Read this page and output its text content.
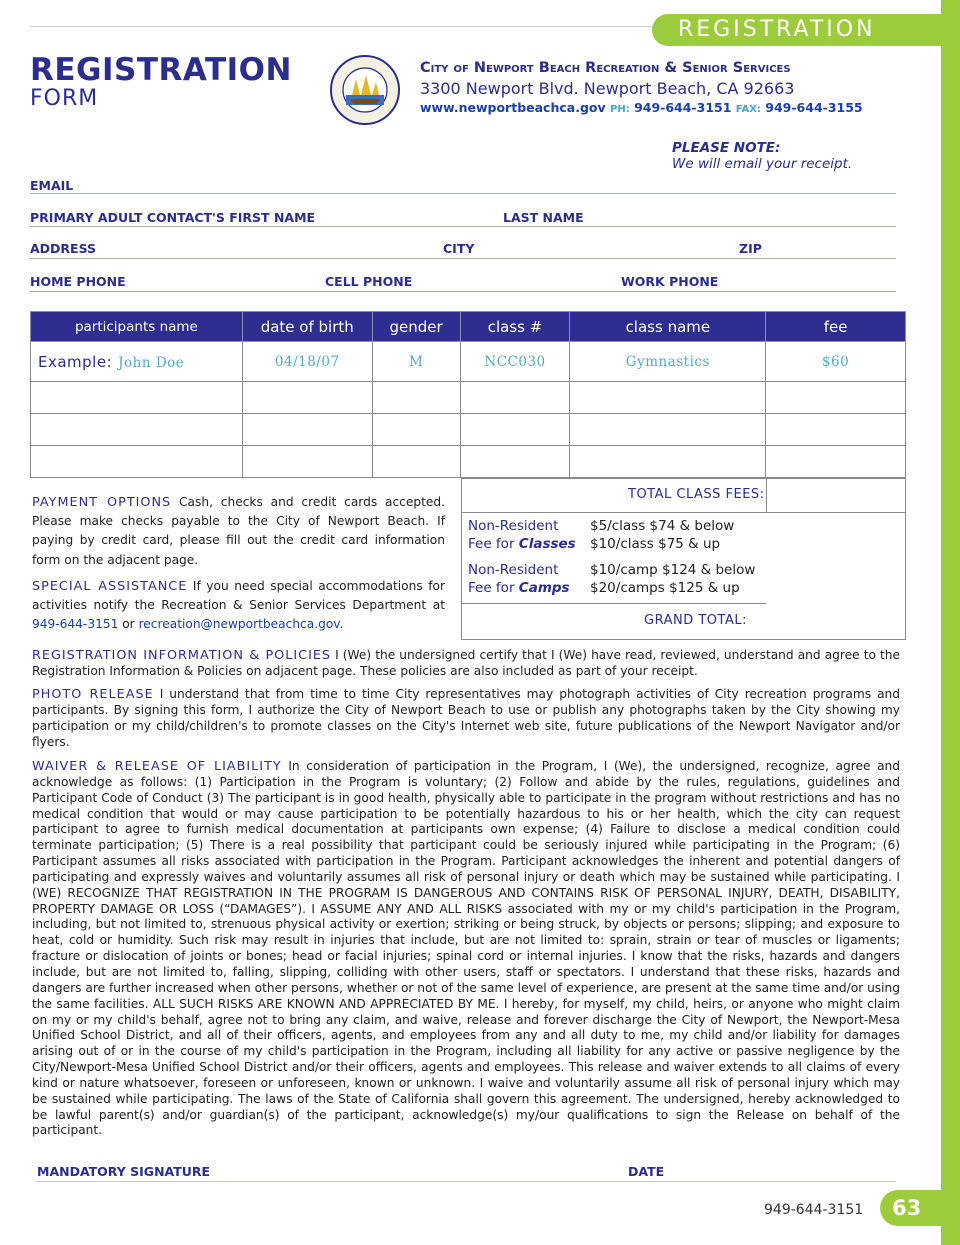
REGISTRATION
REGISTRATION
FORM
City of Newport Beach Recreation & Senior Services
3300 Newport Blvd. Newport Beach, CA 92663
www.newportbeachca.gov PH: 949-644-3151 FAX: 949-644-3155
PLEASE NOTE:
We will email your receipt.
EMAIL
PRIMARY ADULT CONTACT'S FIRST NAME	LAST NAME
ADDRESS	CITY	ZIP
HOME PHONE	CELL PHONE	WORK PHONE
participants name	date of birth	gender	class #	class name	fee
Example: John Doe	04/18/07	M	NCC030	Gymnastics	$60

PAYMENT OPTIONS Cash, checks and credit cards accepted. Please make checks payable to the City of Newport Beach. If paying by credit card, please fill out the credit card information form on the adjacent page.
SPECIAL ASSISTANCE If you need special accommodations for activities notify the Recreation & Senior Services Department at 949-644-3151 or recreation@newportbeachca.gov.
TOTAL CLASS FEES:
Non-Resident
Fee for Classes
$5/class $74 & below
$10/class $75 & up
Non-Resident
Fee for Camps
$10/camp $124 & below
$20/camps $125 & up
GRAND TOTAL:
REGISTRATION INFORMATION & POLICIES I (We) the undersigned certify that I (We) have read, reviewed, understand and agree to the Registration Information & Policies on adjacent page. These policies are also included as part of your receipt.
PHOTO RELEASE I understand that from time to time City representatives may photograph activities of City recreation programs and participants. By signing this form, I authorize the City of Newport Beach to use or publish any photographs taken by the City showing my participation or my child/children's to promote classes on the City's Internet web site, future publications of the Newport Navigator and/or flyers.
WAIVER & RELEASE OF LIABILITY In consideration of participation in the Program, I (We), the undersigned, recognize, agree and acknowledge as follows: (1) Participation in the Program is voluntary; (2) Follow and abide by the rules, regulations, guidelines and Participant Code of Conduct (3) The participant is in good health, physically able to participate in the program without restrictions and has no medical condition that would or may cause participation to be potentially hazardous to his or her health, which the city can request participant to agree to furnish medical documentation at participants own expense; (4) Failure to disclose a medical condition could terminate participation; (5) There is a real possibility that participant could be seriously injured while participating in the Program; (6) Participant assumes all risks associated with participation in the Program. Participant acknowledges the inherent and potential dangers of participating and expressly waives and voluntarily assumes all risk of personal injury or death which may be sustained while participating. I (WE) RECOGNIZE THAT REGISTRATION IN THE PROGRAM IS DANGEROUS AND CONTAINS RISK OF PERSONAL INJURY, DEATH, DISABILITY, PROPERTY DAMAGE OR LOSS (“DAMAGES”). I ASSUME ANY AND ALL RISKS associated with my or my child's participation in the Program, including, but not limited to, strenuous physical activity or exertion; striking or being struck, by objects or persons; slipping; and exposure to heat, cold or humidity. Such risk may result in injuries that include, but are not limited to: sprain, strain or tear of muscles or ligaments; fracture or dislocation of joints or bones; head or facial injuries; spinal cord or internal injuries. I know that the risks, hazards and dangers include, but are not limited to, falling, slipping, colliding with other users, staff or spectators. I understand that these risks, hazards and dangers are further increased when other persons, whether or not of the same level of experience, are present at the same time and/or using the same facilities. ALL SUCH RISKS ARE KNOWN AND APPRECIATED BY ME. I hereby, for myself, my child, heirs, or anyone who might claim on my or my child's behalf, agree not to bring any claim, and waive, release and forever discharge the City of Newport, the Newport-Mesa Unified School District, and all of their officers, agents, and employees from any and all duty to me, my child and/or liability for damages arising out of or in the course of my child's participation in the Program, including all liability for any active or passive negligence by the City/Newport-Mesa Unified School District and/or their officers, agents and employees. This release and waiver extends to all claims of every kind or nature whatsoever, foreseen or unforeseen, known or unknown. I waive and voluntarily assume all risk of personal injury which may be sustained while participating. The laws of the State of California shall govern this agreement. The undersigned, hereby acknowledged to be lawful parent(s) and/or guardian(s) of the participant, acknowledge(s) my/our qualifications to sign the Release on behalf of the participant.
MANDATORY SIGNATURE	DATE
949-644-3151	63
